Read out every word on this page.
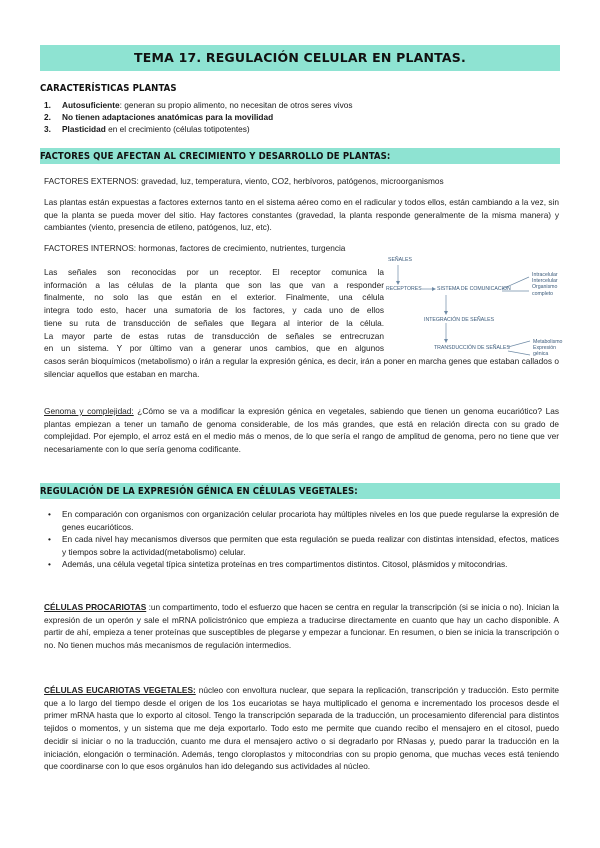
TEMA 17. REGULACIÓN CELULAR EN PLANTAS.
CARACTERÍSTICAS PLANTAS
1. Autosuficiente: generan su propio alimento, no necesitan de otros seres vivos
2. No tienen adaptaciones anatómicas para la movilidad
3. Plasticidad en el crecimiento (células totipotentes)
FACTORES QUE AFECTAN AL CRECIMIENTO Y DESARROLLO DE PLANTAS:
FACTORES EXTERNOS: gravedad, luz, temperatura, viento, CO2, herbívoros, patógenos, microorganismos
Las plantas están expuestas a factores externos tanto en el sistema aéreo como en el radicular y todos ellos, están cambiando a la vez, sin que la planta se pueda mover del sitio. Hay factores constantes (gravedad, la planta responde generalmente de la misma manera) y cambiantes (viento, presencia de etileno, patógenos, luz, etc).
FACTORES INTERNOS: hormonas, factores de crecimiento, nutrientes, turgencia
Las señales son reconocidas por un receptor. El receptor comunica la
información a las células de la planta que son las que van a responder
finalmente, no solo las que están en el exterior. Finalmente, una célula
integra todo esto, hacer una sumatoria de los factores, y cada uno de ellos
tiene su ruta de transducción de señales que llegara al interior de la célula.
La mayor parte de estas rutas de transducción de señales se entrecruzan
en un sistema. Y por último van a generar unos cambios, que en algunos
casos serán bioquímicos (metabolismo) o irán a regular la expresión génica, es decir, irán a poner en marcha genes que estaban callados o silenciar aquellos que estaban en marcha.
SEÑALES
RECEPTORES	SISTEMA DE COMUNICACION
INTEGRACIÓN DE SEÑALES
TRANSDUCCIÓN DE SEÑALES
Intracelular
Intercelular
Organismo
completo
Metabolismo
Expresión
génica
Genoma y complejidad: ¿Cómo se va a modificar la expresión génica en vegetales, sabiendo que tienen un genoma eucariótico? Las plantas empiezan a tener un tamaño de genoma considerable, de los más grandes, que está en relación directa con su grado de complejidad. Por ejemplo, el arroz está en el medio más o menos, de lo que sería el rango de amplitud de genoma, pero no tiene que ver necesariamente con lo que sería genoma codificante.
REGULACIÓN DE LA EXPRESIÓN GÉNICA EN CÉLULAS VEGETALES:
• En comparación con organismos con organización celular procariota hay múltiples niveles en los que puede regularse la expresión de genes eucarióticos.
• En cada nivel hay mecanismos diversos que permiten que esta regulación se pueda realizar con distintas intensidad, efectos, matices y tiempos sobre la actividad(metabolismo) celular.
• Además, una célula vegetal típica sintetiza proteínas en tres compartimentos distintos. Citosol, plásmidos y mitocondrias.
CÉLULAS PROCARIOTAS :un compartimento, todo el esfuerzo que hacen se centra en regular la transcripción (si se inicia o no). Inician la expresión de un operón y sale el mRNA policistrónico que empieza a traducirse directamente en cuanto que hay un cacho disponible. A partir de ahí, empieza a tener proteínas que susceptibles de plegarse y empezar a funcionar. En resumen, o bien se inicia la transcripción o no. No tienen muchos más mecanismos de regulación intermedios.
CÉLULAS EUCARIOTAS VEGETALES: núcleo con envoltura nuclear, que separa la replicación, transcripción y traducción. Esto permite que a lo largo del tiempo desde el origen de los 1os eucariotas se haya multiplicado el genoma e incrementado los procesos desde el primer mRNA hasta que lo exporto al citosol. Tengo la transcripción separada de la traducción, un procesamiento diferencial para distintos tejidos o momentos, y un sistema que me deja exportarlo. Todo esto me permite que cuando recibo el mensajero en el citosol, puedo decidir si iniciar o no la traducción, cuanto me dura el mensajero activo o si degradarlo por RNasas y, puedo parar la traducción en la iniciación, elongación o terminación. Además, tengo cloroplastos y mitocondrias con su propio genoma, que muchas veces está teniendo que coordinarse con lo que esos orgánulos han ido delegando sus actividades al núcleo.
